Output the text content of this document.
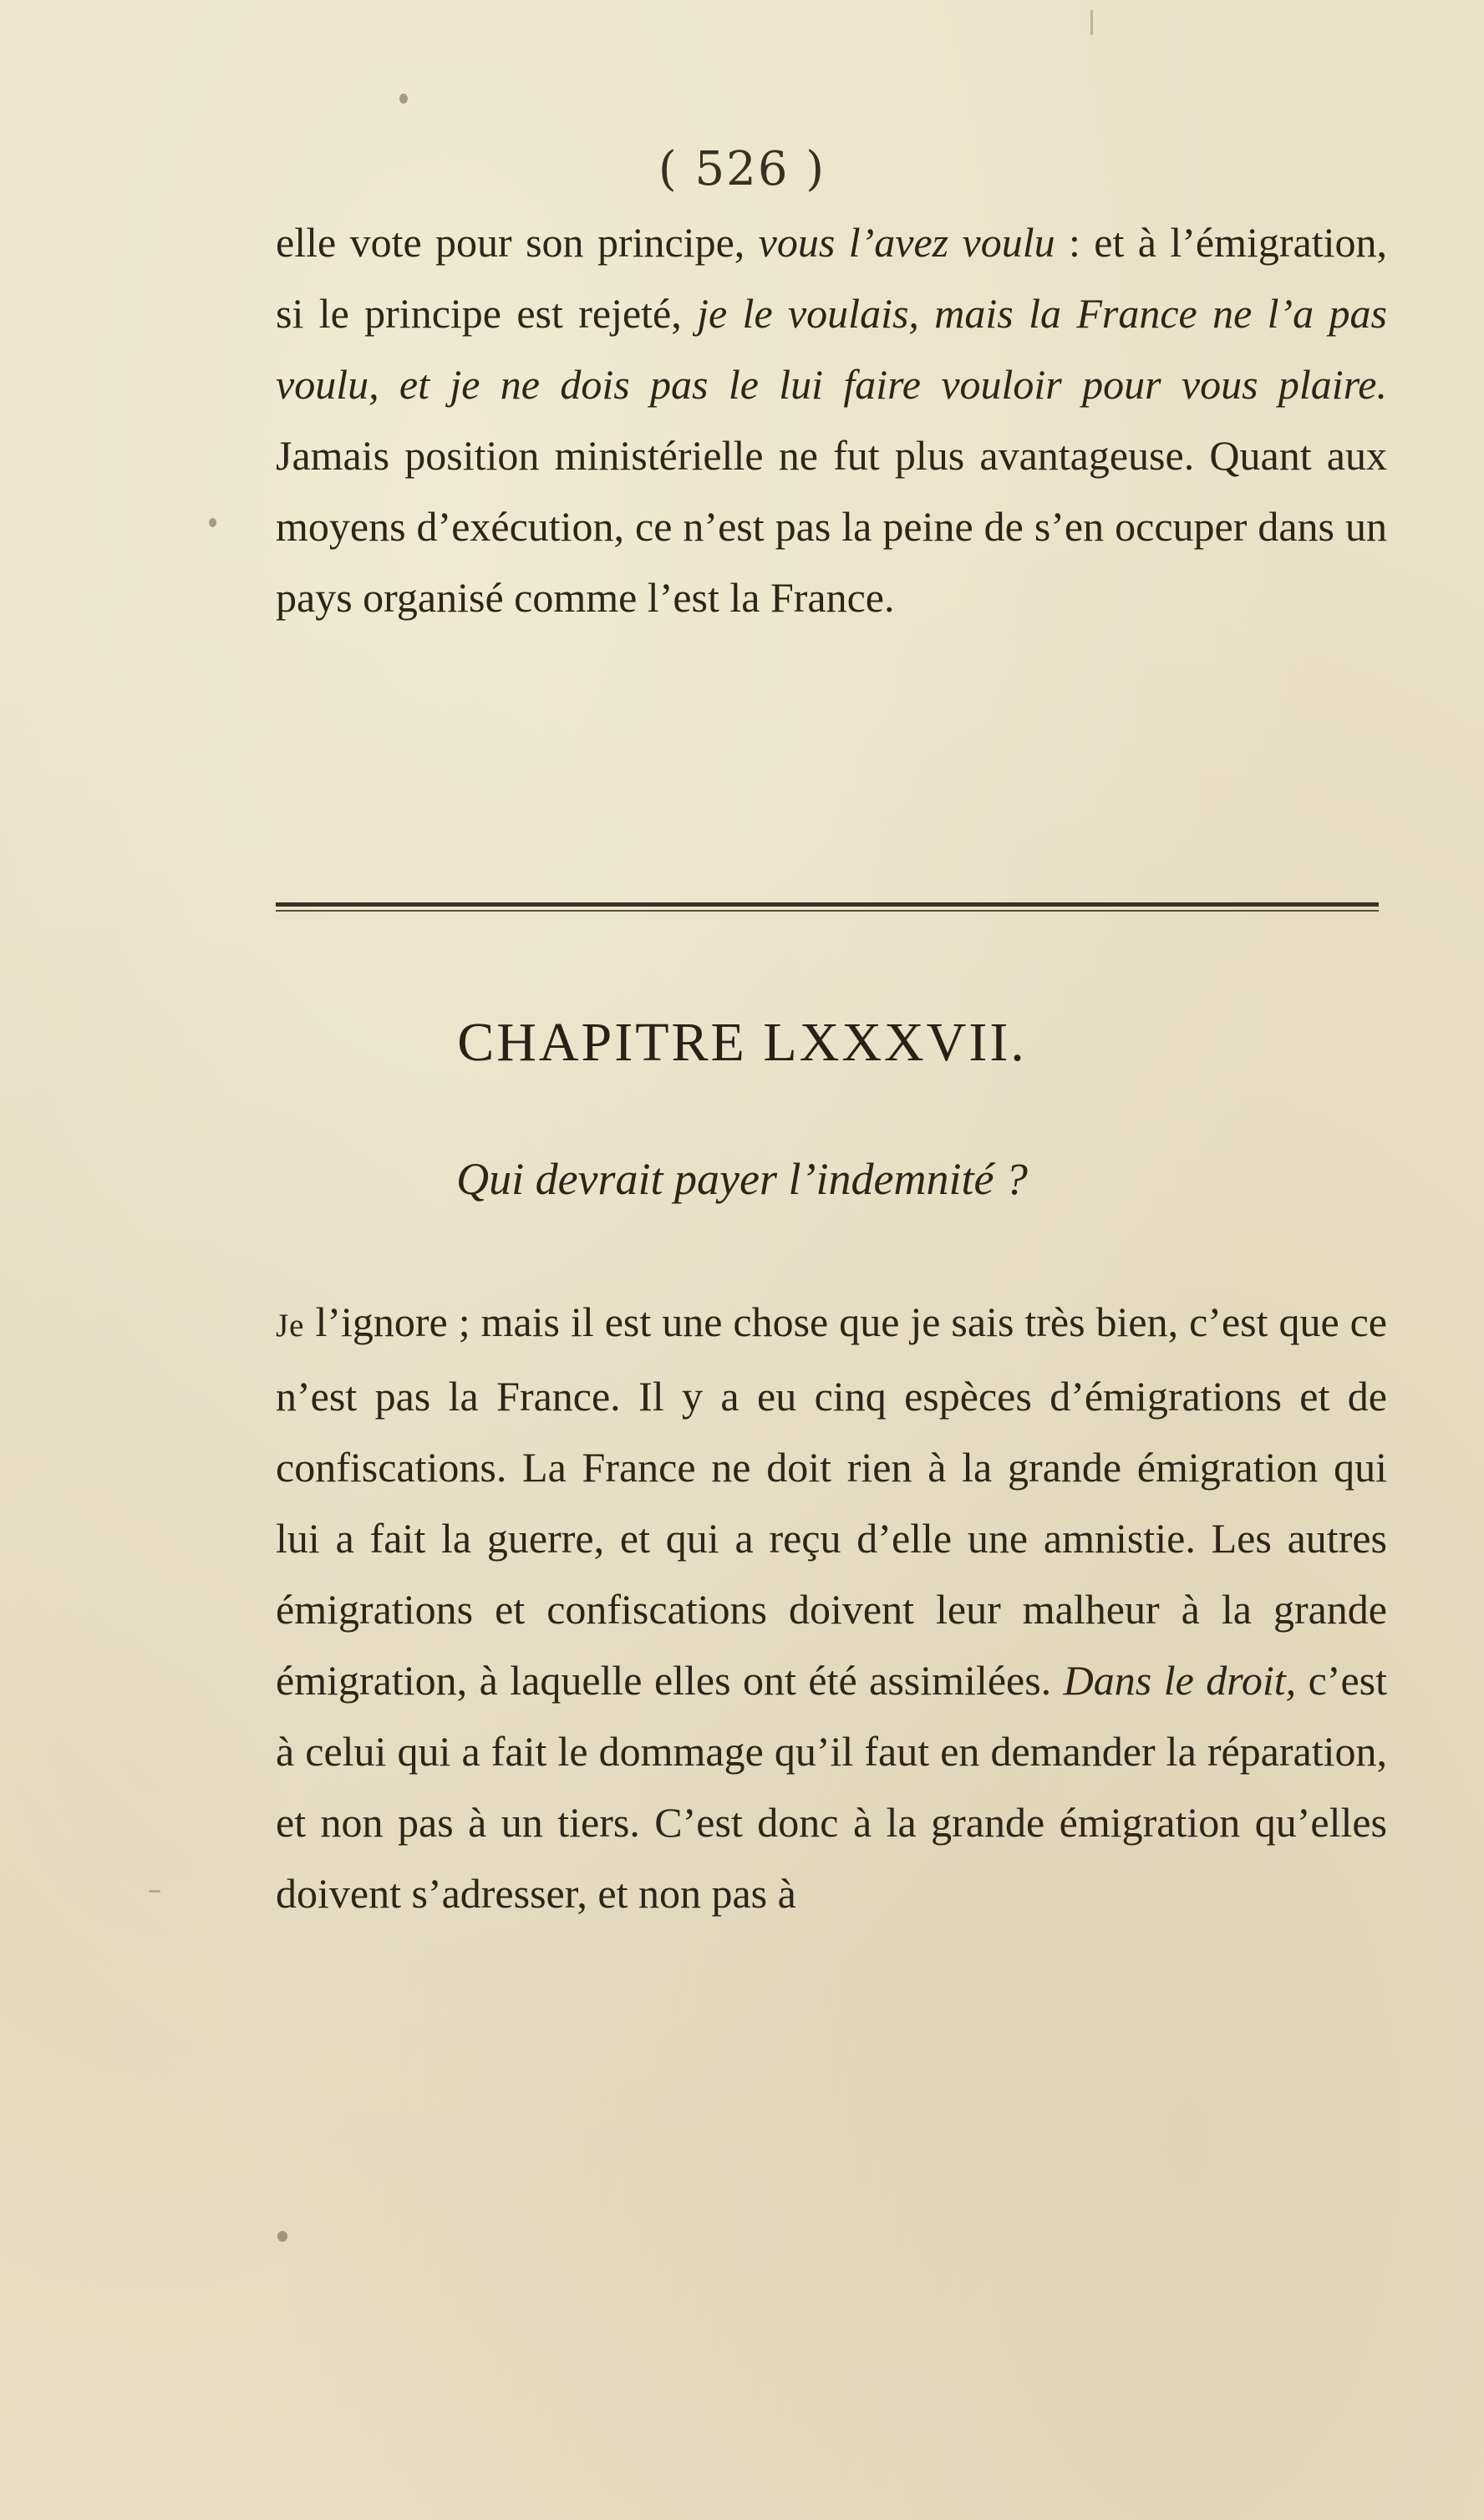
( 526 )

elle vote pour son principe, vous l’avez voulu : et à l’émigration, si le principe est rejeté, je le voulais, mais la France ne l’a pas voulu, et je ne dois pas le lui faire vouloir pour vous plaire. Jamais position ministérielle ne fut plus avantageuse. Quant aux moyens d’exécution, ce n’est pas la peine de s’en occuper dans un pays organisé comme l’est la France.

CHAPITRE LXXXVII.

Qui devrait payer l’indemnité ?

Je l’ignore ; mais il est une chose que je sais très bien, c’est que ce n’est pas la France. Il y a eu cinq espèces d’émigrations et de confiscations. La France ne doit rien à la grande émigration qui lui a fait la guerre, et qui a reçu d’elle une amnistie. Les autres émigrations et confiscations doivent leur malheur à la grande émigration, à laquelle elles ont été assimilées. Dans le droit, c’est à celui qui a fait le dommage qu’il faut en demander la réparation, et non pas à un tiers. C’est donc à la grande émigration qu’elles doivent s’adresser, et non pas à
